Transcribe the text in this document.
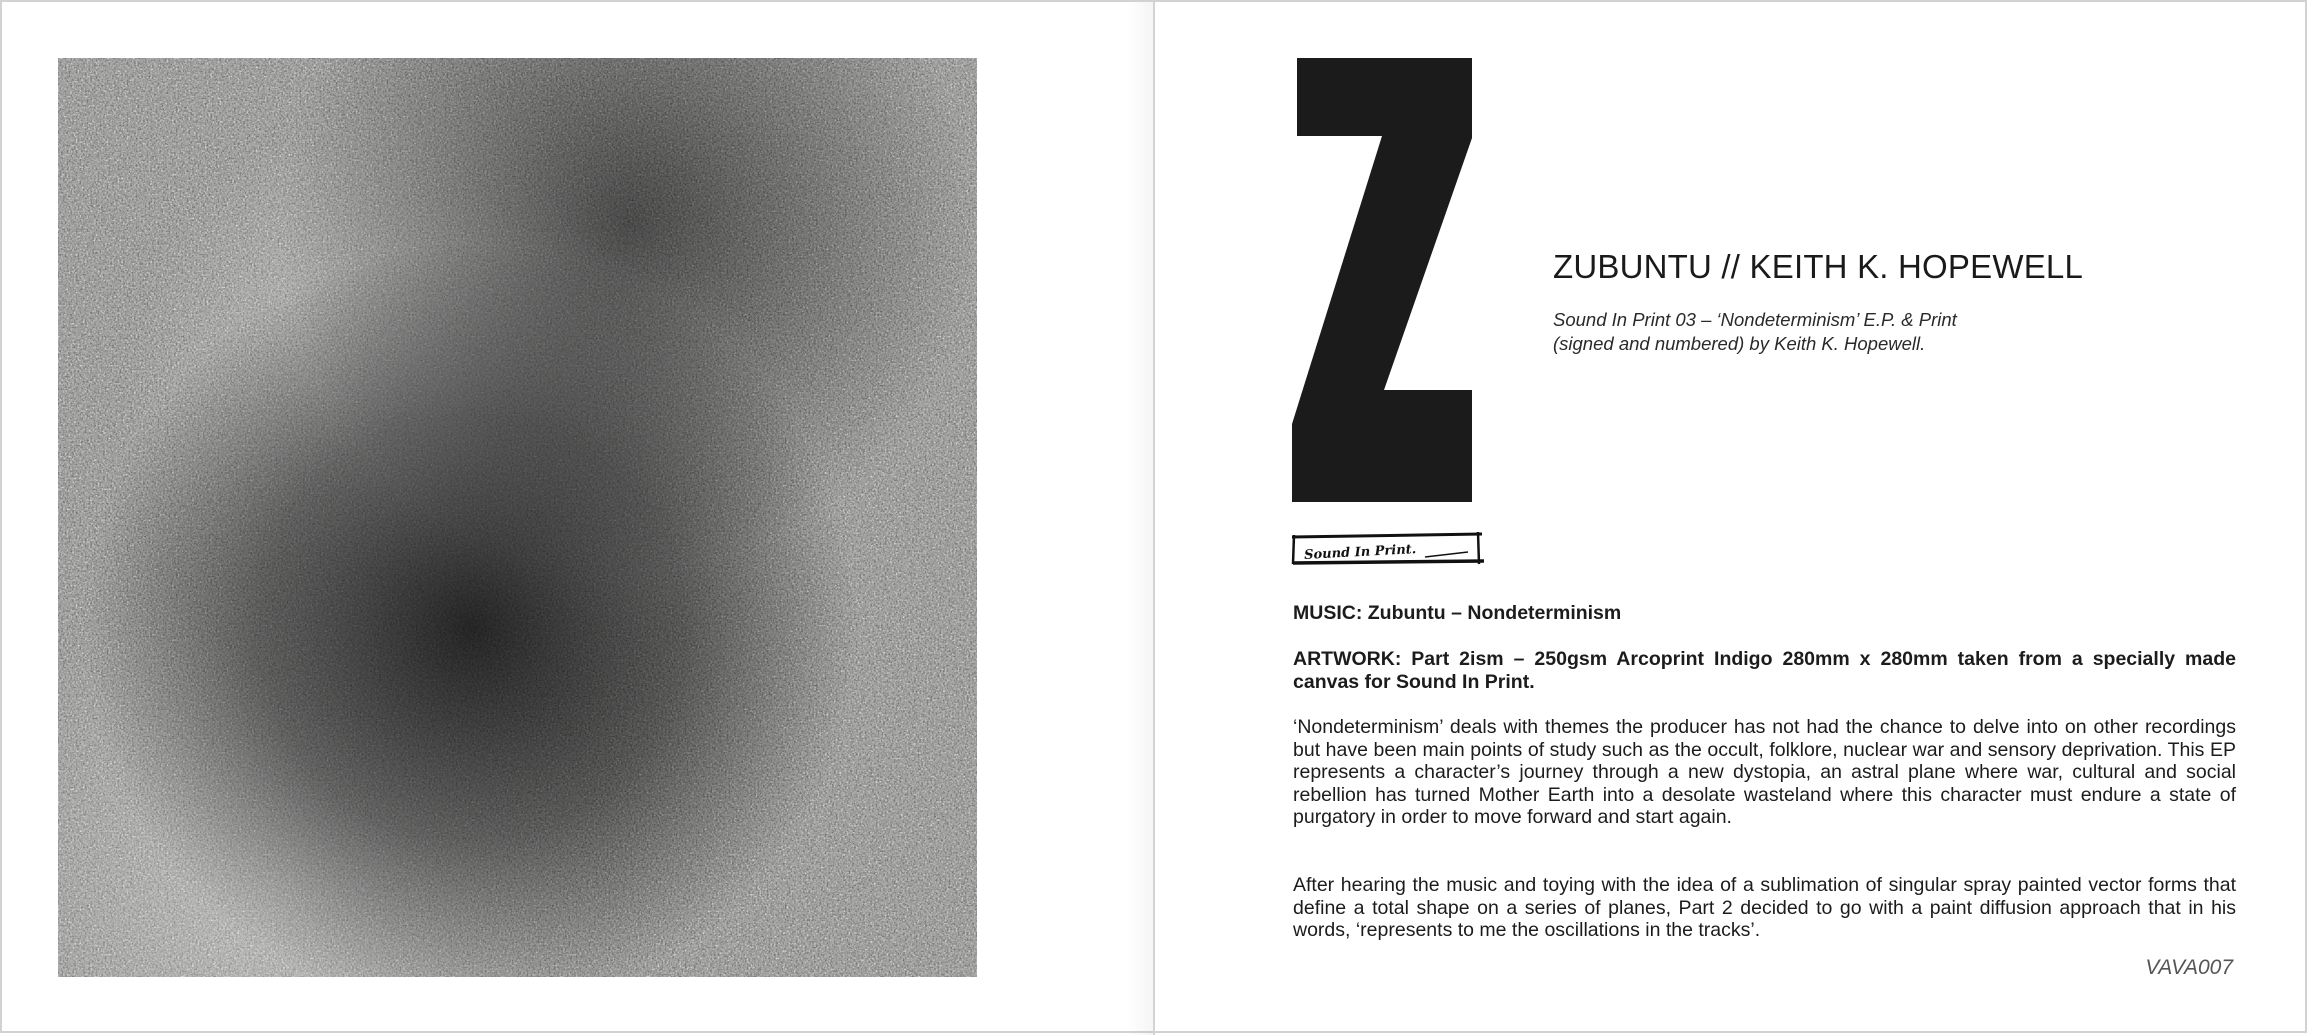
Sound In Print.
ZUBUNTU // KEITH K. HOPEWELL
Sound In Print 03 – ‘Nondeterminism’ E.P. & Print
(signed and numbered) by Keith K. Hopewell.
MUSIC: Zubuntu – Nondeterminism
ARTWORK: Part 2ism – 250gsm Arcoprint Indigo 280mm x 280mm taken from a specially made canvas for Sound In Print.
‘Nondeterminism’ deals with themes the producer has not had the chance to delve into on other recordings but have been main points of study such as the occult, folklore, nuclear war and sensory deprivation. This EP represents a character’s journey through a new dystopia, an astral plane where war, cultural and social rebellion has turned Mother Earth into a desolate wasteland where this character must endure a state of purgatory in order to move forward and start again.
After hearing the music and toying with the idea of a sublimation of singular spray painted vector forms that define a total shape on a series of planes, Part 2 decided to go with a paint diffusion approach that in his words, ‘represents to me the oscillations in the tracks’.
VAVA007
